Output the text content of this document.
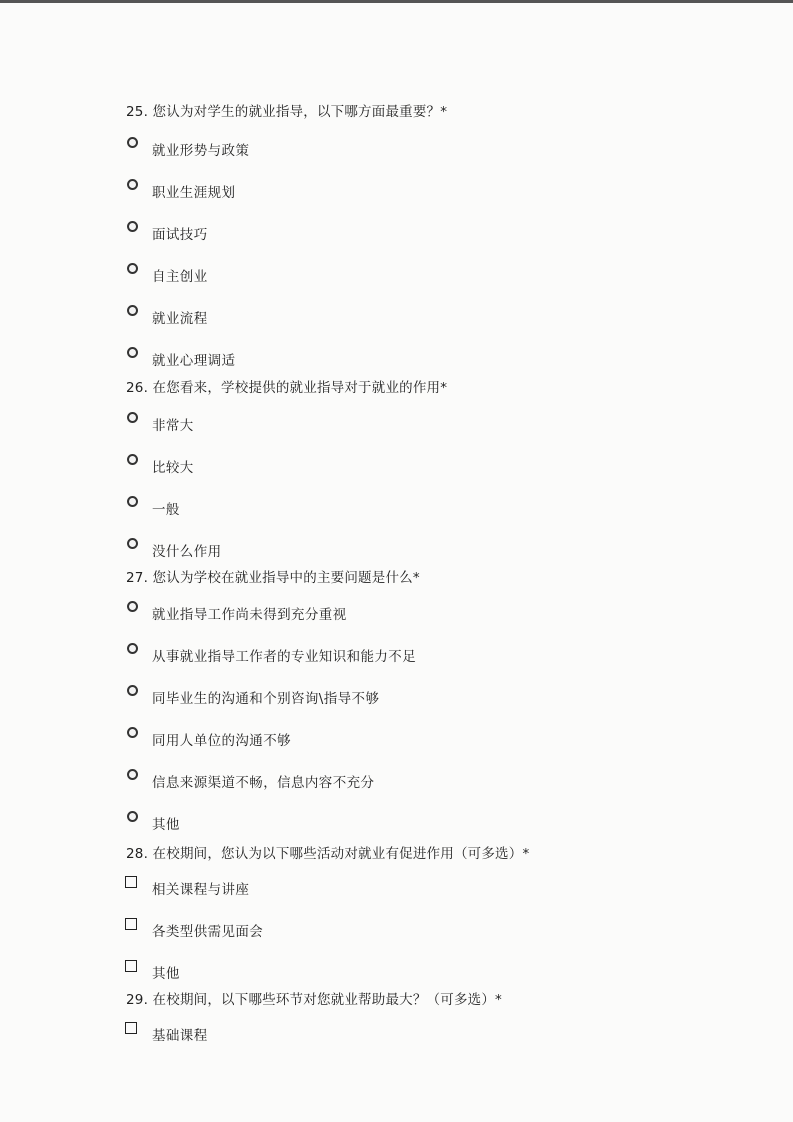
25. 您认为对学生的就业指导，以下哪方面最重要？*
就业形势与政策
职业生涯规划
面试技巧
自主创业
就业流程
就业心理调适
26. 在您看来，学校提供的就业指导对于就业的作用*
非常大
比较大
一般
没什么作用
27. 您认为学校在就业指导中的主要问题是什么*
就业指导工作尚未得到充分重视
从事就业指导工作者的专业知识和能力不足
同毕业生的沟通和个别咨询\指导不够
同用人单位的沟通不够
信息来源渠道不畅，信息内容不充分
其他
28. 在校期间，您认为以下哪些活动对就业有促进作用（可多选）*
相关课程与讲座
各类型供需见面会
其他
29. 在校期间，以下哪些环节对您就业帮助最大？（可多选）*
基础课程
